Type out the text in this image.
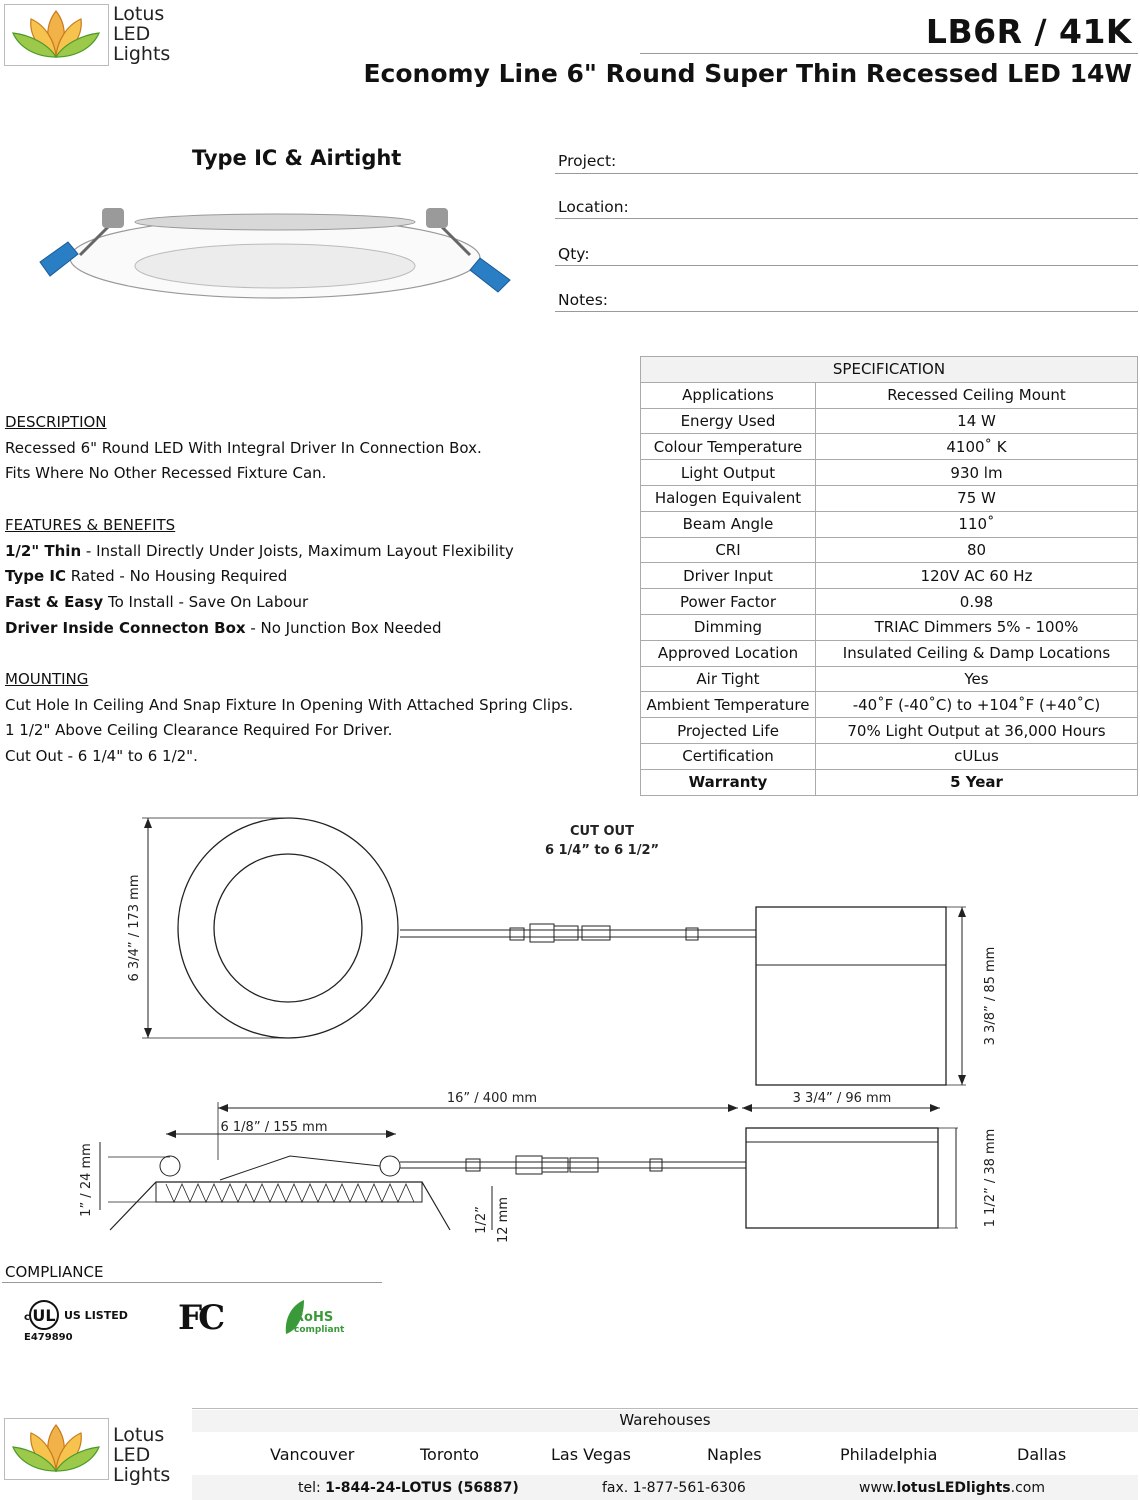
Lotus
LED
Lights
LB6R / 41K
Economy Line 6" Round Super Thin Recessed LED 14W
Type IC & Airtight	Project:
Location:
Qty:
Notes:
DESCRIPTION
Recessed 6" Round LED With Integral Driver In Connection Box.
Fits Where No Other Recessed Fixture Can.
FEATURES & BENEFITS
1/2" Thin - Install Directly Under Joists, Maximum Layout Flexibility
Type IC Rated - No Housing Required
Fast & Easy To Install - Save On Labour
Driver Inside Connecton Box - No Junction Box Needed
MOUNTING
Cut Hole In Ceiling And Snap Fixture In Opening With Attached Spring Clips.
1 1/2" Above Ceiling Clearance Required For Driver.
Cut Out - 6 1/4" to 6 1/2".
SPECIFICATION	
Applications	Recessed Ceiling Mount
Energy Used	14 W
Colour Temperature	4100˚ K
Light Output	930 lm
Halogen Equivalent	75 W
Beam Angle	110˚
CRI	80
Driver Input	120V AC 60 Hz
Power Factor	0.98
Dimming	TRIAC Dimmers 5% - 100%
Approved Location	Insulated Ceiling & Damp Locations
Air Tight	Yes
Ambient Temperature	-40˚F (-40˚C) to +104˚F (+40˚C)
Projected Life	70% Light Output at 36,000 Hours
Certification	cULus
Warranty	5 Year
6 3/4” / 173 mm
CUT OUT
6 1/4” to 6 1/2”
3 3/8” / 85 mm
16” / 400 mm	3 3/4” / 96 mm
6 1/8” / 155 mm
1” / 24 mm
1/2” 12 mm	1 1/2” / 38 mm
COMPLIANCE
UL
c	US LISTED
E479890	FC	RoHS
compliant
Lotus
LED
Lights
Warehouses
Vancouver	Toronto	Las Vegas	Naples	Philadelphia	Dallas
tel: 1-844-24-LOTUS (56887)	fax. 1-877-561-6306	www.lotusLEDlights.com
